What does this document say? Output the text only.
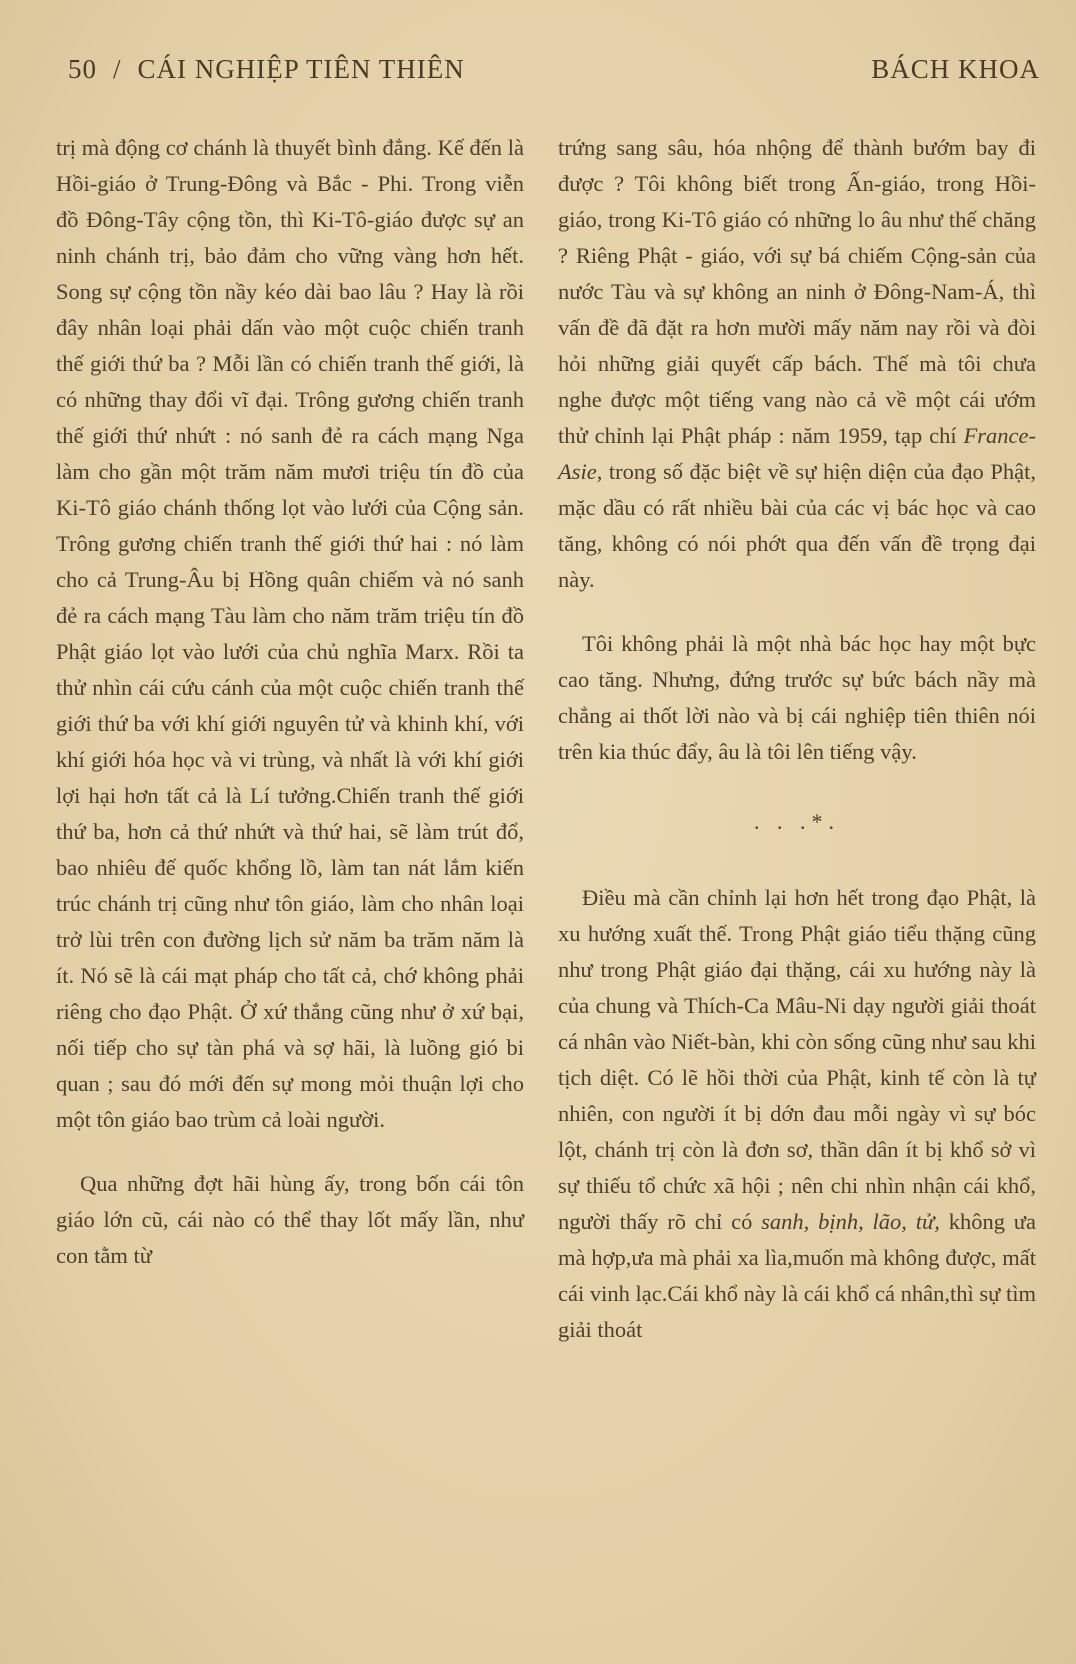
50 / CÁI NGHIỆP TIÊN THIÊN	BÁCH KHOA

trị mà động cơ chánh là thuyết bình đẳng. Kế đến là Hồi-giáo ở Trung-Đông và Bắc - Phi. Trong viễn đồ Đông-Tây cộng tồn, thì Ki-Tô-giáo được sự an ninh chánh trị, bảo đảm cho vững vàng hơn hết. Song sự cộng tồn nầy kéo dài bao lâu ? Hay là rồi đây nhân loại phải dấn vào một cuộc chiến tranh thế giới thứ ba ? Mỗi lần có chiến tranh thế giới, là có những thay đổi vĩ đại. Trông gương chiến tranh thế giới thứ nhứt : nó sanh đẻ ra cách mạng Nga làm cho gần một trăm năm mươi triệu tín đồ của Ki-Tô giáo chánh thống lọt vào lưới của Cộng sản. Trông gương chiến tranh thế giới thứ hai : nó làm cho cả Trung-Âu bị Hồng quân chiếm và nó sanh đẻ ra cách mạng Tàu làm cho năm trăm triệu tín đồ Phật giáo lọt vào lưới của chủ nghĩa Marx. Rồi ta thử nhìn cái cứu cánh của một cuộc chiến tranh thế giới thứ ba với khí giới nguyên tử và khinh khí, với khí giới hóa học và vi trùng, và nhất là với khí giới lợi hại hơn tất cả là Lí tưởng.Chiến tranh thế giới thứ ba, hơn cả thứ nhứt và thứ hai, sẽ làm trút đổ, bao nhiêu đế quốc khổng lồ, làm tan nát lắm kiến trúc chánh trị cũng như tôn giáo, làm cho nhân loại trở lùi trên con đường lịch sử năm ba trăm năm là ít. Nó sẽ là cái mạt pháp cho tất cả, chớ không phải riêng cho đạo Phật. Ở xứ thắng cũng như ở xứ bại, nối tiếp cho sự tàn phá và sợ hãi, là luồng gió bi quan ; sau đó mới đến sự mong mỏi thuận lợi cho một tôn giáo bao trùm cả loài người.

Qua những đợt hãi hùng ấy, trong bốn cái tôn giáo lớn cũ, cái nào có thể thay lốt mấy lần, như con tằm từ

trứng sang sâu, hóa nhộng để thành bướm bay đi được ? Tôi không biết trong Ấn-giáo, trong Hồi-giáo, trong Ki-Tô giáo có những lo âu như thế chăng ? Riêng Phật - giáo, với sự bá chiếm Cộng-sản của nước Tàu và sự không an ninh ở Đông-Nam-Á, thì vấn đề đã đặt ra hơn mười mấy năm nay rồi và đòi hỏi những giải quyết cấp bách. Thế mà tôi chưa nghe được một tiếng vang nào cả về một cái ướm thử chỉnh lại Phật pháp : năm 1959, tạp chí France-Asie, trong số đặc biệt về sự hiện diện của đạo Phật, mặc dầu có rất nhiều bài của các vị bác học và cao tăng, không có nói phớt qua đến vấn đề trọng đại này.

Tôi không phải là một nhà bác học hay một bực cao tăng. Nhưng, đứng trước sự bức bách nầy mà chẳng ai thốt lời nào và bị cái nghiệp tiên thiên nói trên kia thúc đẩy, âu là tôi lên tiếng vậy.

. . .*.

Điều mà cần chỉnh lại hơn hết trong đạo Phật, là xu hướng xuất thế. Trong Phật giáo tiểu thặng cũng như trong Phật giáo đại thặng, cái xu hướng này là của chung và Thích-Ca Mâu-Ni dạy người giải thoát cá nhân vào Niết-bàn, khi còn sống cũng như sau khi tịch diệt. Có lẽ hồi thời của Phật, kinh tế còn là tự nhiên, con người ít bị dớn đau mỗi ngày vì sự bóc lột, chánh trị còn là đơn sơ, thần dân ít bị khổ sở vì sự thiếu tổ chức xã hội ; nên chi nhìn nhận cái khổ, người thấy rõ chỉ có sanh, bịnh, lão, tử, không ưa mà hợp,ưa mà phải xa lìa,muốn mà không được, mất cái vinh lạc.Cái khổ này là cái khổ cá nhân,thì sự tìm giải thoát
